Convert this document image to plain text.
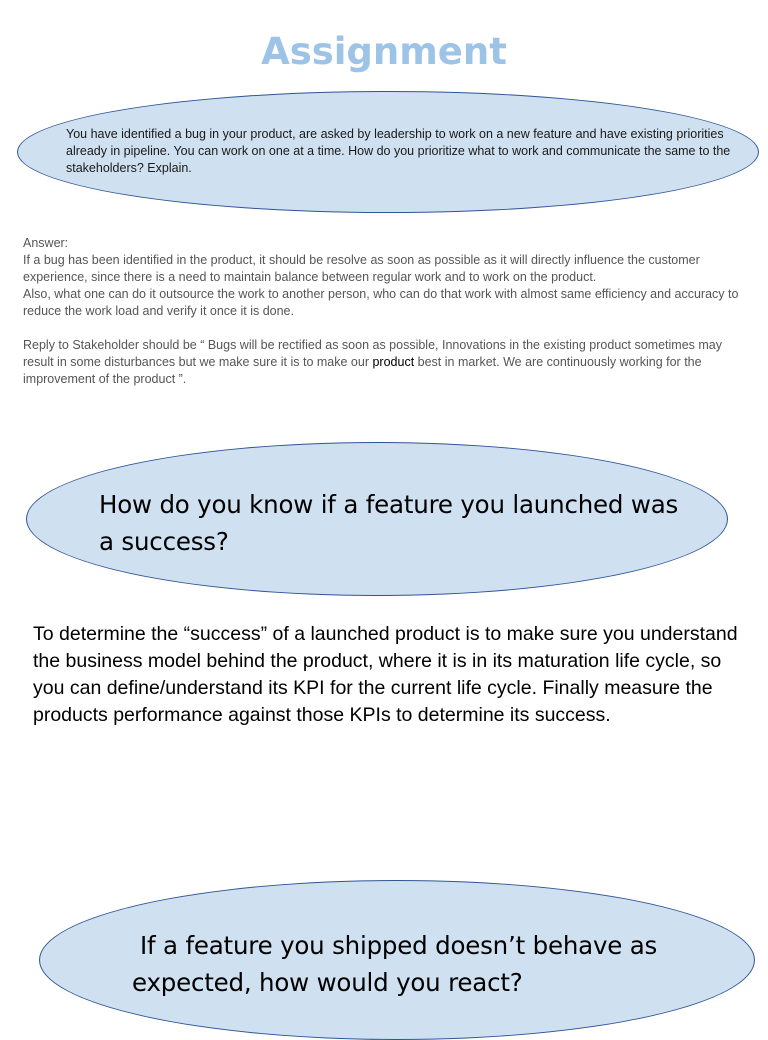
Assignment

You have identified a bug in your product, are asked by leadership to work on a new feature and have existing priorities already in pipeline. You can work on one at a time. How do you prioritize what to work and communicate the same to the stakeholders? Explain.

Answer:

If a bug has been identified in the product, it should be resolve as soon as possible as it will directly influence the customer experience, since there is a need to maintain balance between regular work and to work on the product.

Also, what one can do it outsource the work to another person, who can do that work with almost same efficiency and accuracy to reduce the work load and verify it once it is done.

Reply to Stakeholder should be “ Bugs will be rectified as soon as possible, Innovations in the existing product sometimes may result in some disturbances but we make sure it is to make our product best in market. We are continuously working for the improvement of the product ”.

How do you know if a feature you launched was a success?

To determine the “success” of a launched product is to make sure you understand the business model behind the product, where it is in its maturation life cycle, so you can define/understand its KPI for the current life cycle. Finally measure the products performance against those KPIs to determine its success.

If a feature you shipped doesn’t behave as
expected, how would you react?
